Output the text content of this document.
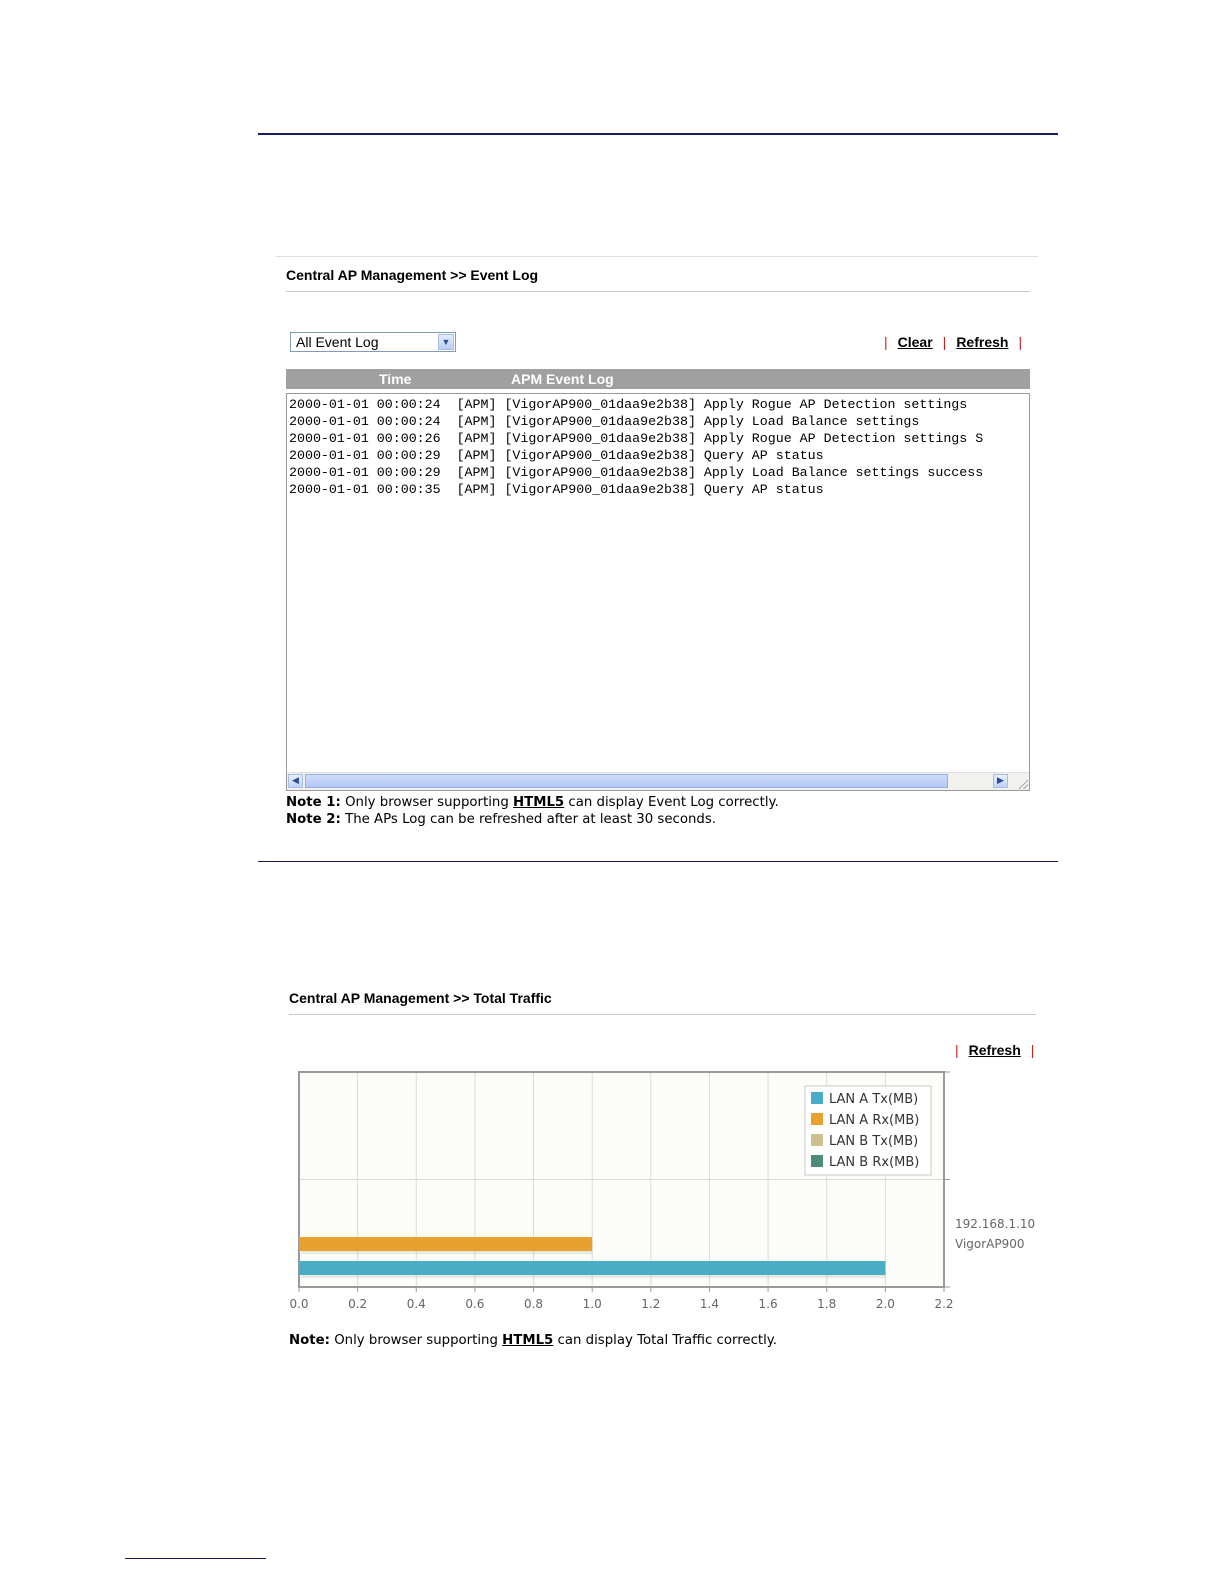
Central AP Management >> Event Log
All Event Log	▼	| Clear | Refresh |
Time	APM Event Log
2000-01-01 00:00:24  [APM] [VigorAP900_01daa9e2b38] Apply Rogue AP Detection settings
2000-01-01 00:00:24  [APM] [VigorAP900_01daa9e2b38] Apply Load Balance settings
2000-01-01 00:00:26  [APM] [VigorAP900_01daa9e2b38] Apply Rogue AP Detection settings S
2000-01-01 00:00:29  [APM] [VigorAP900_01daa9e2b38] Query AP status
2000-01-01 00:00:29  [APM] [VigorAP900_01daa9e2b38] Apply Load Balance settings success
2000-01-01 00:00:35  [APM] [VigorAP900_01daa9e2b38] Query AP status
◀	▶
Note 1: Only browser supporting HTML5 can display Event Log correctly.
Note 2: The APs Log can be refreshed after at least 30 seconds.
Central AP Management >> Total Traffic
| Refresh |
0.0	0.2	0.4	0.6	0.8	1.0	1.2	1.4	1.6	1.8	2.0	2.2
192.168.1.10
VigorAP900
LAN A Tx(MB)
LAN A Rx(MB)
LAN B Tx(MB)
LAN B Rx(MB)
Note: Only browser supporting HTML5 can display Total Traffic correctly.
